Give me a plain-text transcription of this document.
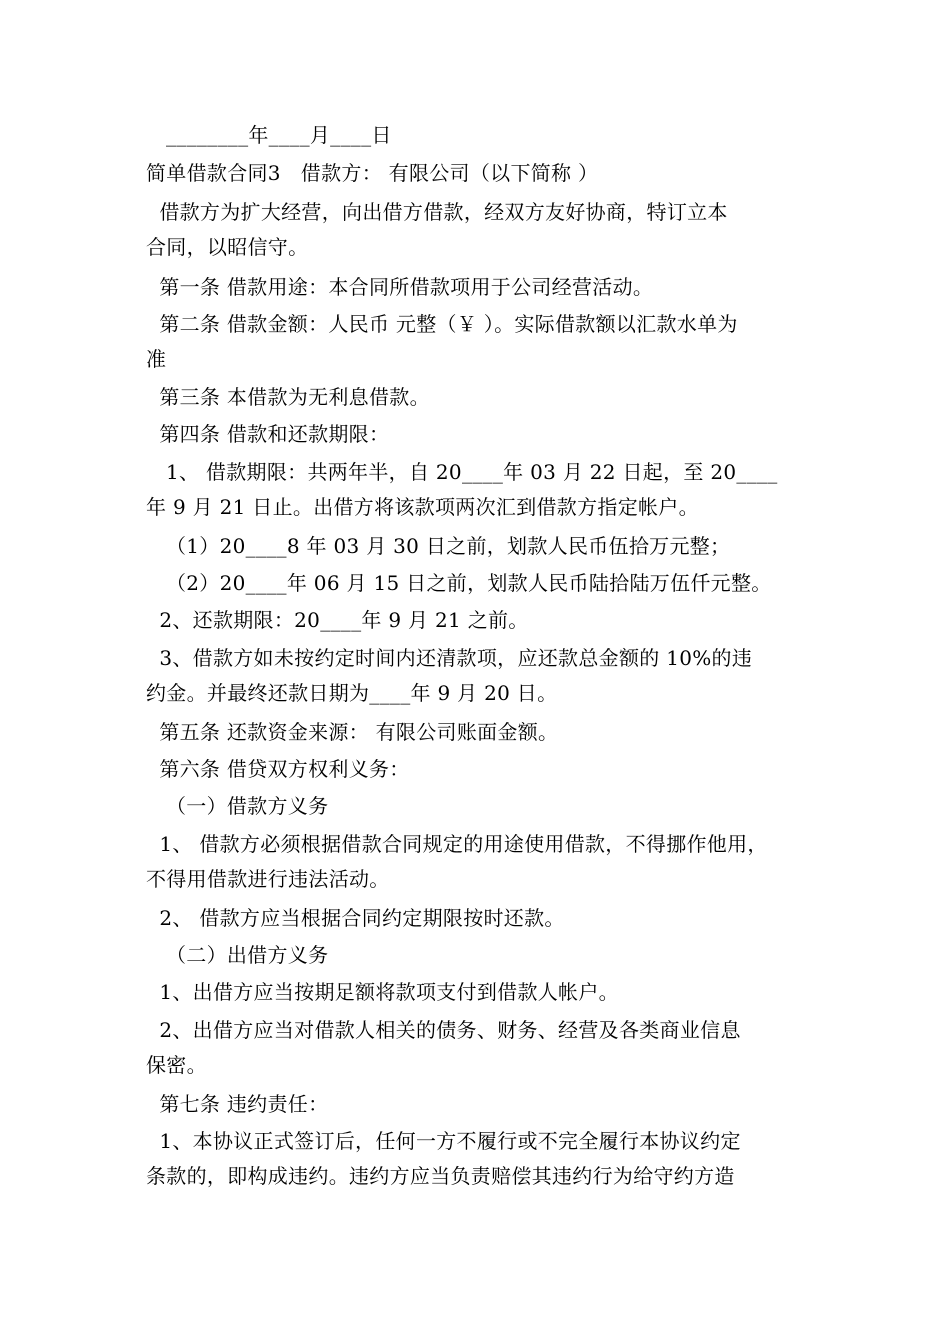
________年____月____日
简单借款合同3   借款方： 有限公司（以下简称 ）
借款方为扩大经营，向出借方借款，经双方友好协商，特订立本
合同，以昭信守。
第一条 借款用途：本合同所借款项用于公司经营活动。
第二条 借款金额：人民币 元整（￥ ）。实际借款额以汇款水单为
准
第三条 本借款为无利息借款。
第四条 借款和还款期限：
1、 借款期限：共两年半，自 20____年 03 月 22 日起，至 20____
年 9 月 21 日止。出借方将该款项两次汇到借款方指定帐户。
（1）20____8 年 03 月 30 日之前，划款人民币伍拾万元整；
（2）20____年 06 月 15 日之前，划款人民币陆拾陆万伍仟元整。
2、还款期限：20____年 9 月 21 之前。
3、借款方如未按约定时间内还清款项，应还款总金额的 10%的违
约金。并最终还款日期为____年 9 月 20 日。
第五条 还款资金来源： 有限公司账面金额。
第六条 借贷双方权利义务：
（一）借款方义务
1、 借款方必须根据借款合同规定的用途使用借款，不得挪作他用，
不得用借款进行违法活动。
2、 借款方应当根据合同约定期限按时还款。
（二）出借方义务
1、出借方应当按期足额将款项支付到借款人帐户。
2、出借方应当对借款人相关的债务、财务、经营及各类商业信息
保密。
第七条 违约责任：
1、本协议正式签订后，任何一方不履行或不完全履行本协议约定
条款的，即构成违约。违约方应当负责赔偿其违约行为给守约方造
